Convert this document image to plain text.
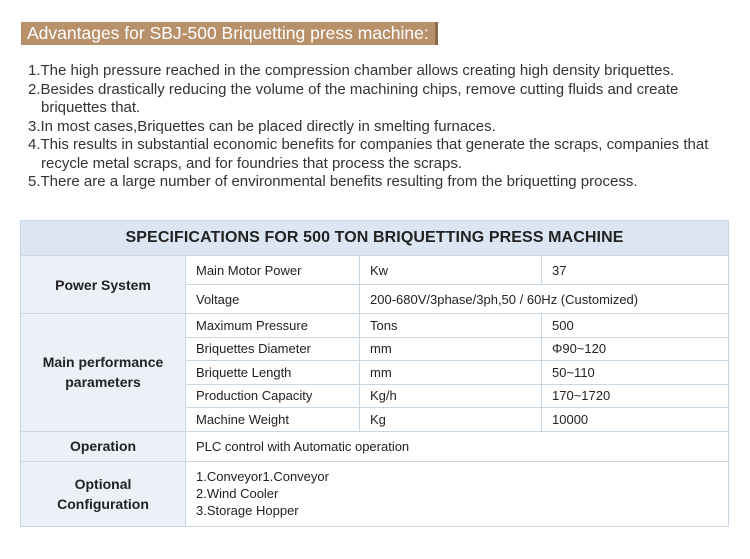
Advantages for SBJ-500 Briquetting press machine:
1.The high pressure reached in the compression chamber allows creating high density briquettes.
2.Besides drastically reducing the volume of the machining chips, remove cutting fluids and create briquettes that.
3.In most cases,Briquettes can be placed directly in smelting furnaces.
4.This results in substantial economic benefits for companies that generate the scraps, companies that recycle metal scraps, and for foundries that process the scraps.
5.There are a large number of environmental benefits resulting from the briquetting process.
SPECIFICATIONS FOR 500 TON BRIQUETTING PRESS MACHINE			
Power System	Main Motor Power	Kw	37
	Voltage	200-680V/3phase/3ph,50 / 60Hz (Customized)	
Main performance parameters	Maximum Pressure	Tons	500
	Briquettes Diameter	mm	Φ90~120
	Briquette Length	mm	50~110
	Production Capacity	Kg/h	170~1720
	Machine Weight	Kg	10000
Operation	PLC control with Automatic operation		
Optional Configuration	1.Conveyor1.Conveyor
2.Wind Cooler
3.Storage Hopper		
